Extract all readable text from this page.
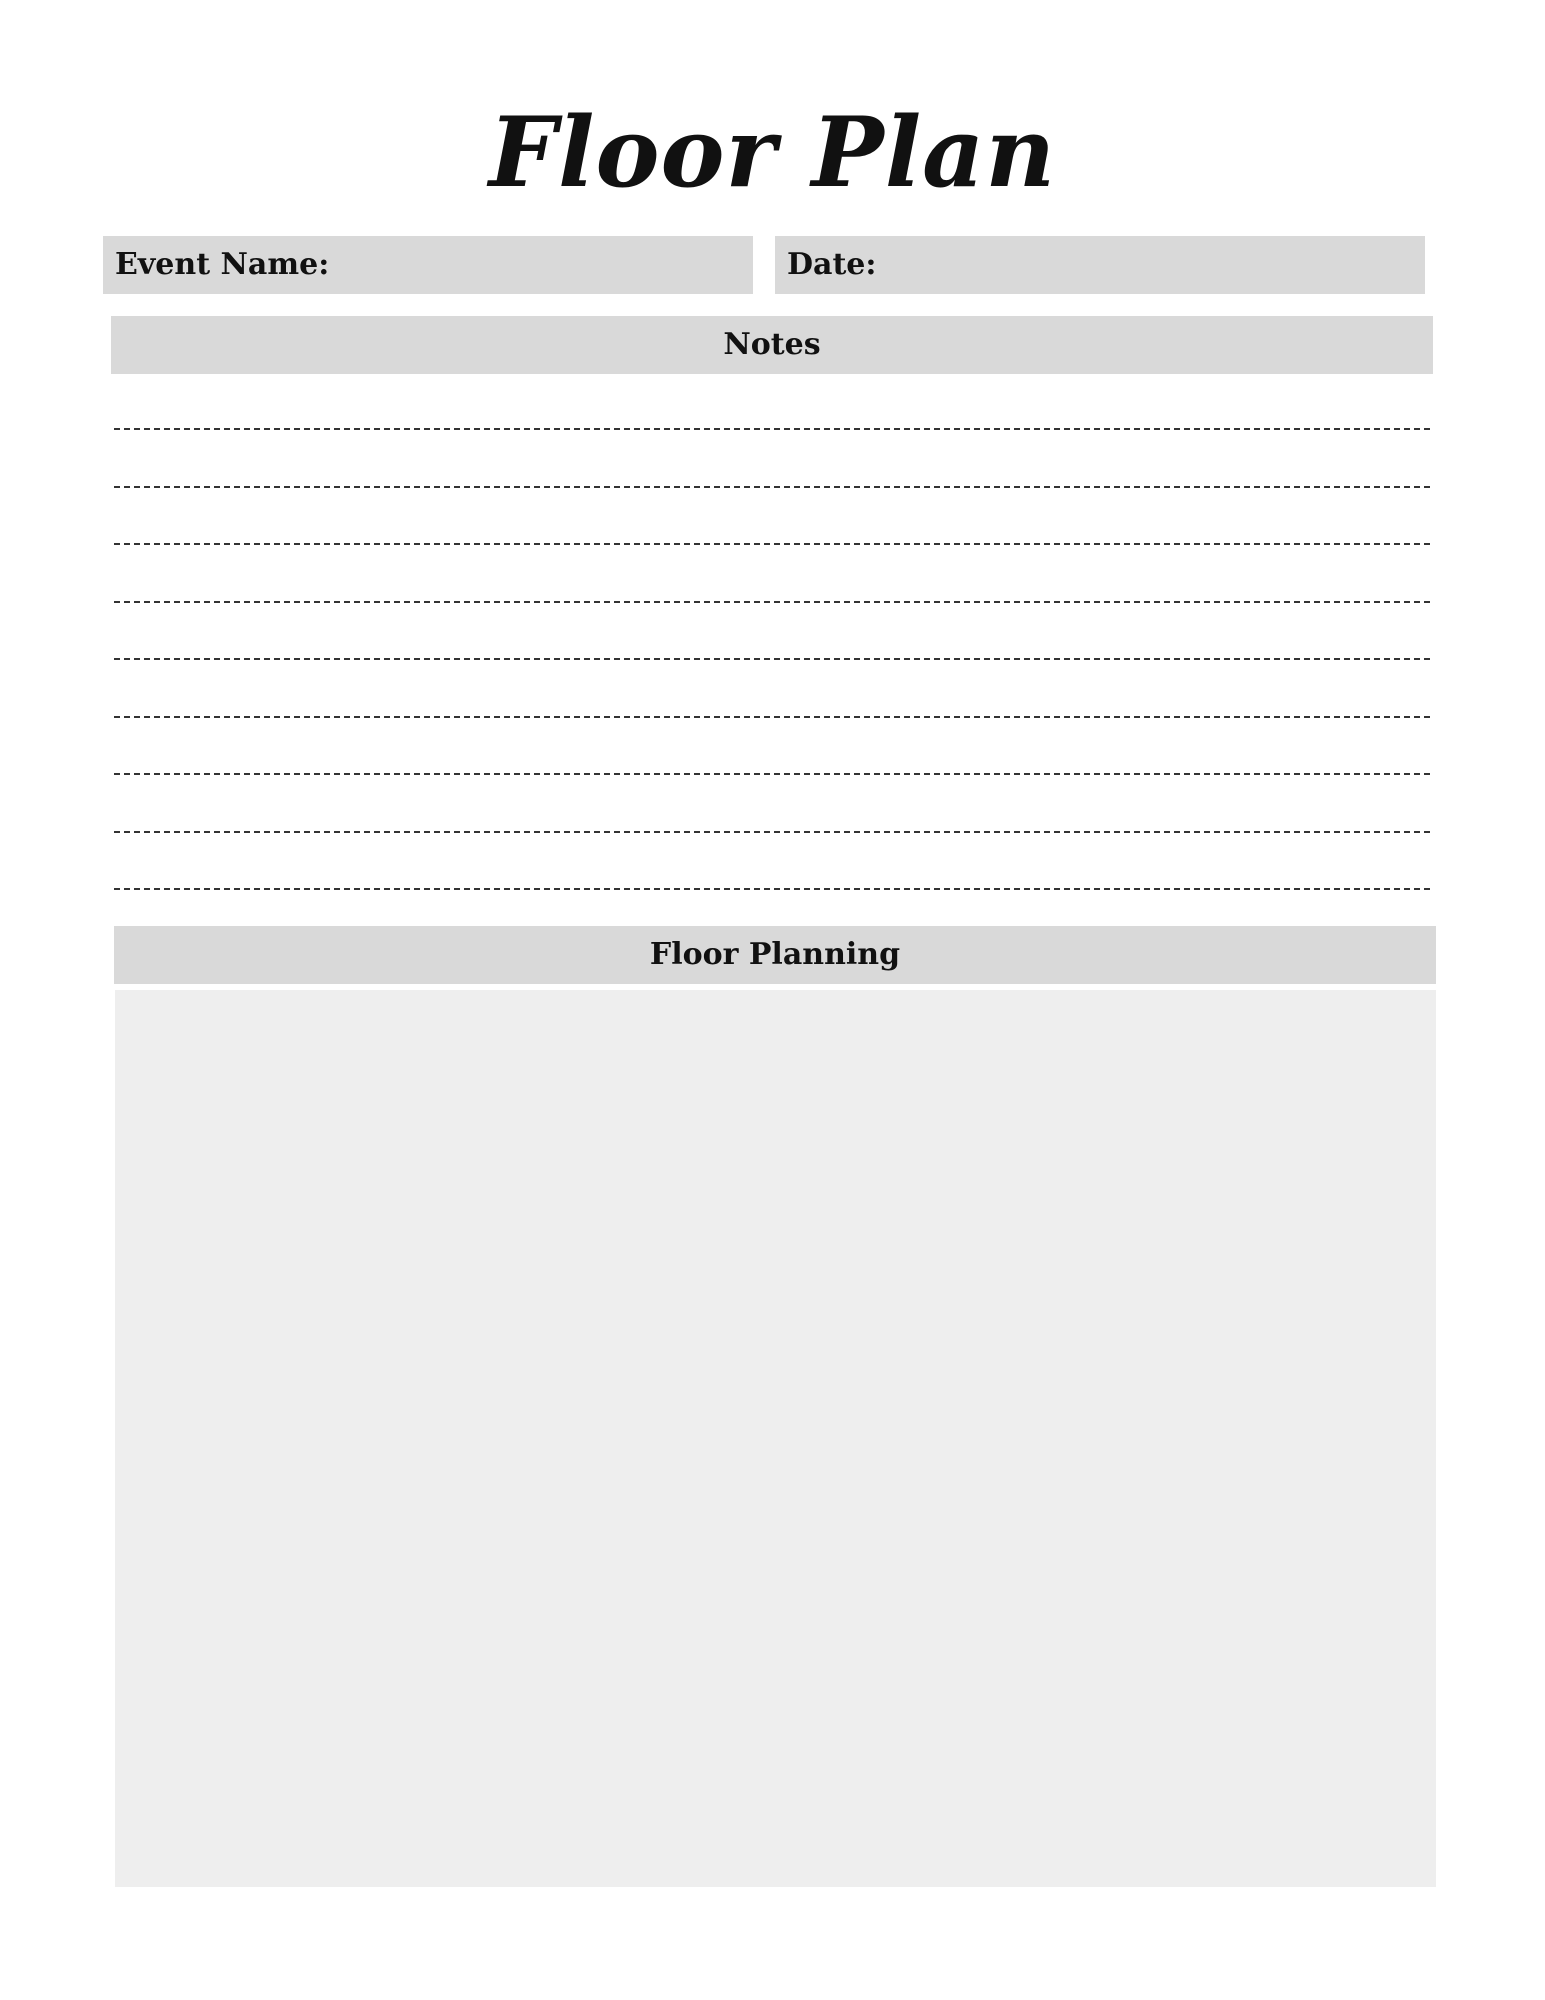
Floor Plan
Event Name:	Date:
Notes
Floor Planning
